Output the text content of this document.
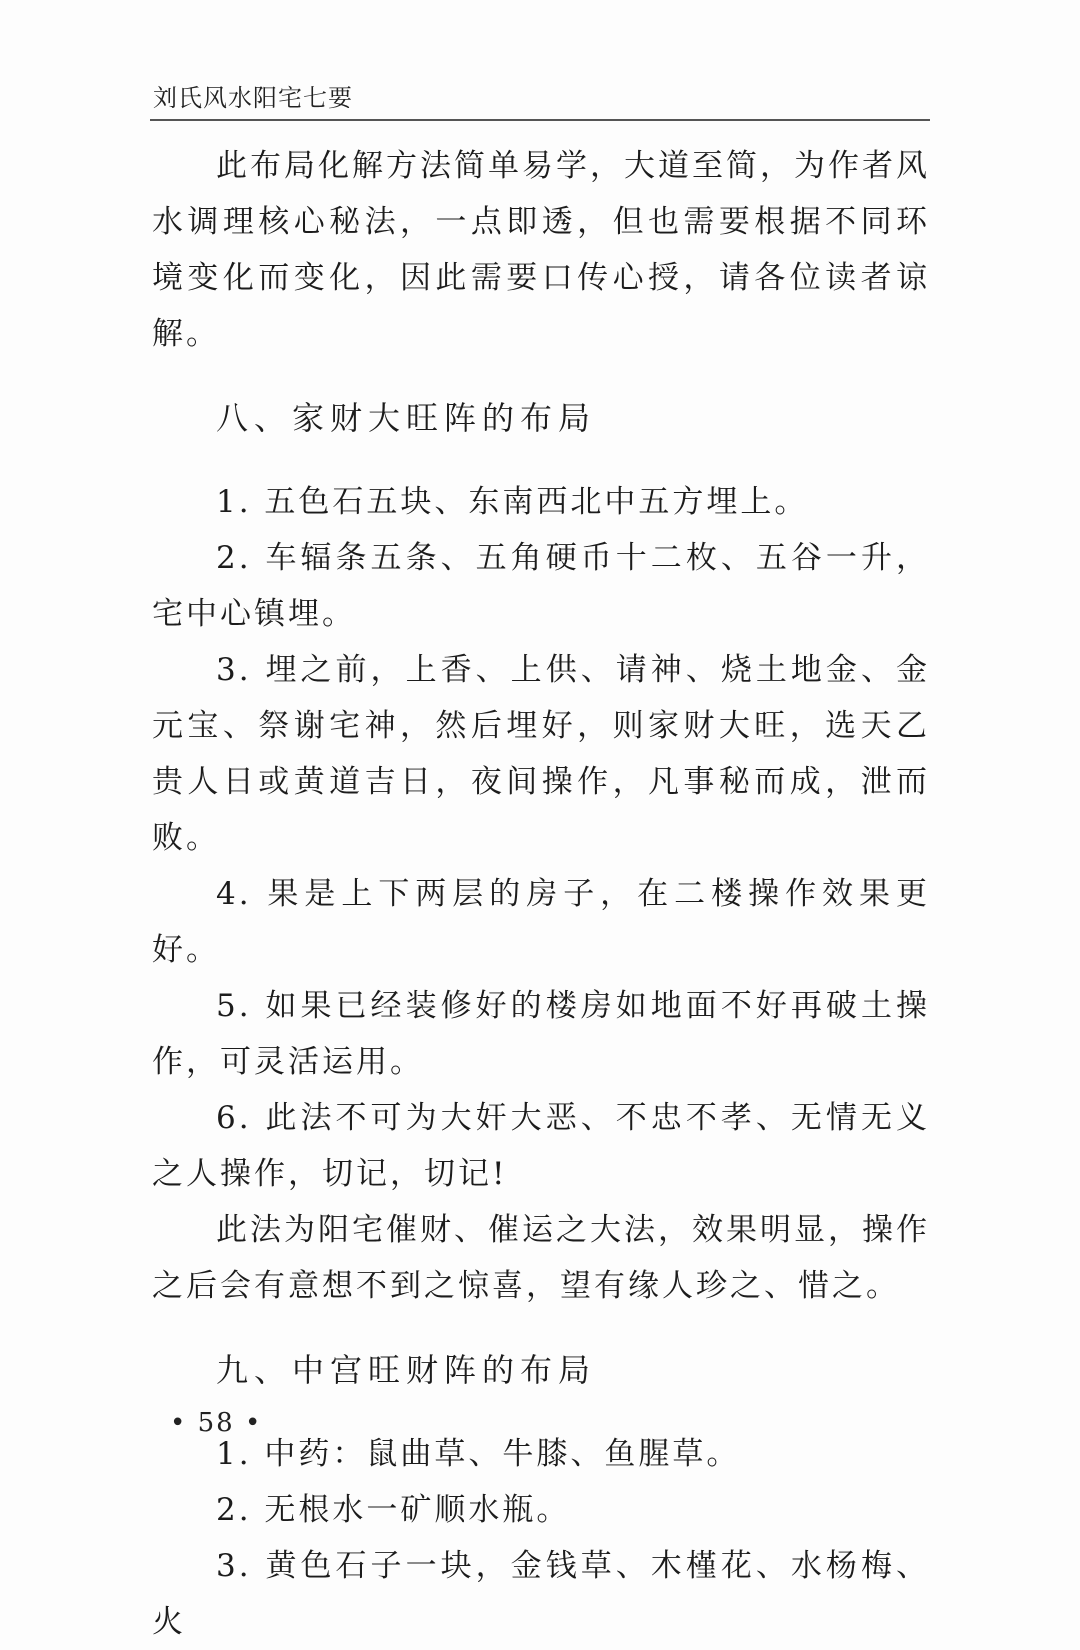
刘氏风水阳宅七要

此布局化解方法简单易学，大道至简，为作者风水调理核心秘法，一点即透，但也需要根据不同环境变化而变化，因此需要口传心授，请各位读者谅解。

八、家财大旺阵的布局

1. 五色石五块、东南西北中五方埋上。

2. 车辐条五条、五角硬币十二枚、五谷一升，宅中心镇埋。

3. 埋之前，上香、上供、请神、烧土地金、金元宝、祭谢宅神，然后埋好，则家财大旺，选天乙贵人日或黄道吉日，夜间操作，凡事秘而成，泄而败。

4. 果是上下两层的房子，在二楼操作效果更好。

5. 如果已经装修好的楼房如地面不好再破土操作，可灵活运用。

6. 此法不可为大奸大恶、不忠不孝、无情无义之人操作，切记，切记!

此法为阳宅催财、催运之大法，效果明显，操作之后会有意想不到之惊喜，望有缘人珍之、惜之。

九、中宫旺财阵的布局

1. 中药：鼠曲草、牛膝、鱼腥草。

2. 无根水一矿顺水瓶。

3. 黄色石子一块，金钱草、木槿花、水杨梅、火

• 58 •
